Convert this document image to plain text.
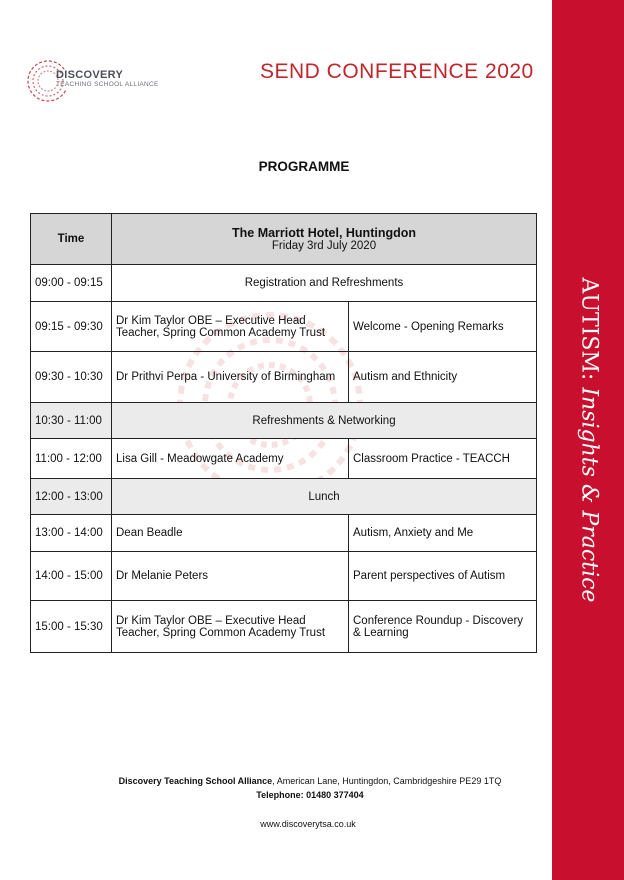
DISCOVERY
TEACHING SCHOOL ALLIANCE
SEND CONFERENCE 2020
PROGRAMME
Time	The Marriott Hotel, Huntingdon
Friday 3rd July 2020	

09:00 - 09:15	Registration and Refreshments	
09:15 - 09:30	Dr Kim Taylor OBE – Executive Head Teacher, Spring Common Academy Trust	Welcome - Opening Remarks
09:30 - 10:30	Dr Prithvi Perpa - University of Birmingham	Autism and Ethnicity
10:30 - 11:00	Refreshments & Networking	
11:00 - 12:00	Lisa Gill - Meadowgate Academy	Classroom Practice - TEACCH
12:00 - 13:00	Lunch	
13:00 - 14:00	Dean Beadle	Autism, Anxiety and Me
14:00 - 15:00	Dr Melanie Peters	Parent perspectives of Autism
15:00 - 15:30	Dr Kim Taylor OBE – Executive Head Teacher, Spring Common Academy Trust	Conference Roundup - Discovery & Learning
AUTISM: Insights & Practice
Discovery Teaching School Alliance, American Lane, Huntingdon, Cambridgeshire PE29 1TQ
Telephone: 01480 377404
www.discoverytsa.co.uk
